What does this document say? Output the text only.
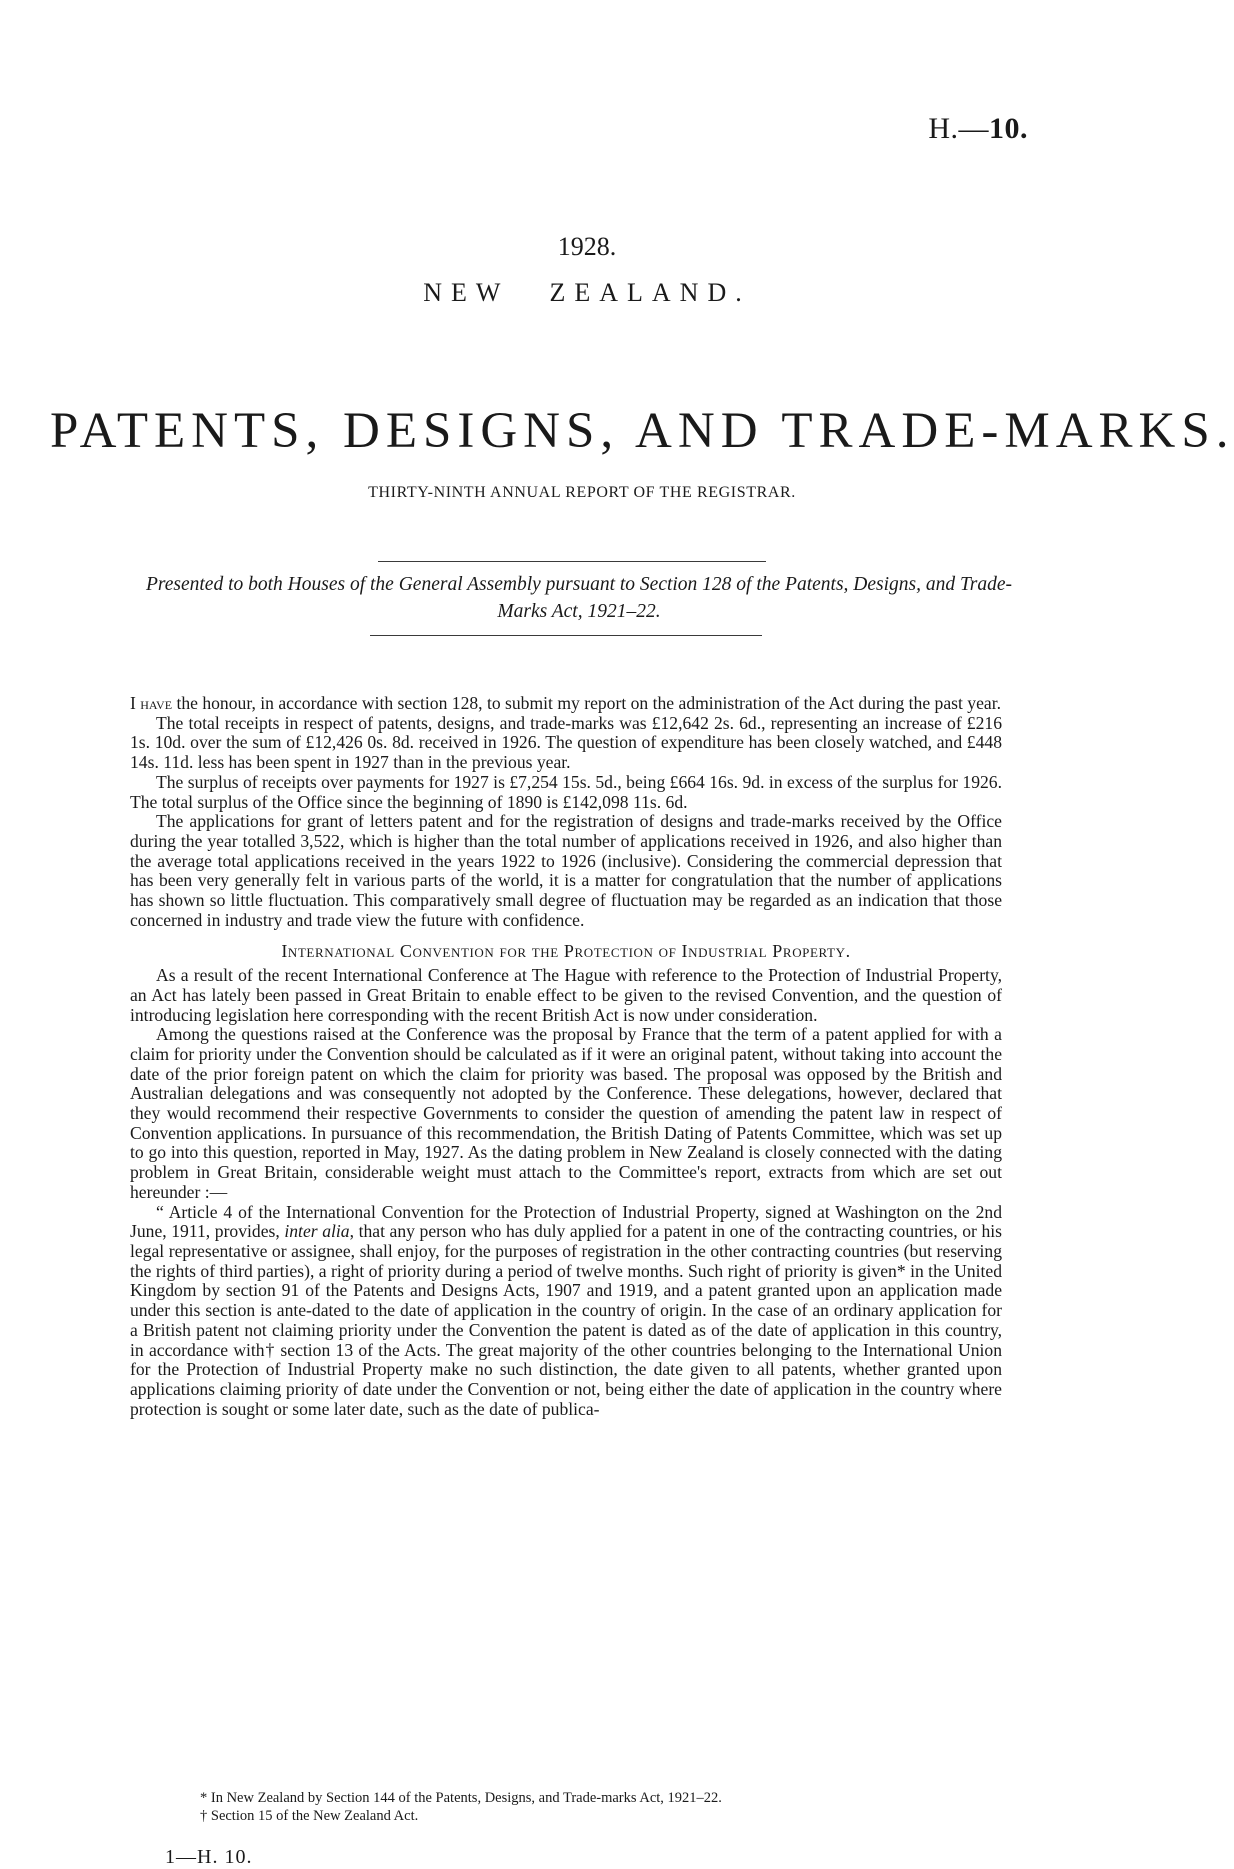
H.—10.
1928.
NEW ZEALAND.
PATENTS, DESIGNS, AND TRADE-MARKS.
THIRTY-NINTH ANNUAL REPORT OF THE REGISTRAR.
Presented to both Houses of the General Assembly pursuant to Section 128 of the Patents, Designs, and Trade-Marks Act, 1921–22.

I have the honour, in accordance with section 128, to submit my report on the administration of the Act during the past year.

The total receipts in respect of patents, designs, and trade-marks was £12,642 2s. 6d., representing an increase of £216 1s. 10d. over the sum of £12,426 0s. 8d. received in 1926. The question of expenditure has been closely watched, and £448 14s. 11d. less has been spent in 1927 than in the previous year.

The surplus of receipts over payments for 1927 is £7,254 15s. 5d., being £664 16s. 9d. in excess of the surplus for 1926. The total surplus of the Office since the beginning of 1890 is £142,098 11s. 6d.

The applications for grant of letters patent and for the registration of designs and trade-marks received by the Office during the year totalled 3,522, which is higher than the total number of applications received in 1926, and also higher than the average total applications received in the years 1922 to 1926 (inclusive). Considering the commercial depression that has been very generally felt in various parts of the world, it is a matter for congratulation that the number of applications has shown so little fluctuation. This comparatively small degree of fluctuation may be regarded as an indication that those concerned in industry and trade view the future with confidence.

International Convention for the Protection of Industrial Property.

As a result of the recent International Conference at The Hague with reference to the Protection of Industrial Property, an Act has lately been passed in Great Britain to enable effect to be given to the revised Convention, and the question of introducing legislation here corresponding with the recent British Act is now under consideration.

Among the questions raised at the Conference was the proposal by France that the term of a patent applied for with a claim for priority under the Convention should be calculated as if it were an original patent, without taking into account the date of the prior foreign patent on which the claim for priority was based. The proposal was opposed by the British and Australian delegations and was consequently not adopted by the Conference. These delegations, however, declared that they would recommend their respective Governments to consider the question of amending the patent law in respect of Convention applications. In pursuance of this recommendation, the British Dating of Patents Committee, which was set up to go into this question, reported in May, 1927. As the dating problem in New Zealand is closely connected with the dating problem in Great Britain, considerable weight must attach to the Committee's report, extracts from which are set out hereunder :—

“ Article 4 of the International Convention for the Protection of Industrial Property, signed at Washington on the 2nd June, 1911, provides, inter alia, that any person who has duly applied for a patent in one of the contracting countries, or his legal representative or assignee, shall enjoy, for the purposes of registration in the other contracting countries (but reserving the rights of third parties), a right of priority during a period of twelve months. Such right of priority is given* in the United Kingdom by section 91 of the Patents and Designs Acts, 1907 and 1919, and a patent granted upon an application made under this section is ante-dated to the date of application in the country of origin. In the case of an ordinary application for a British patent not claiming priority under the Convention the patent is dated as of the date of application in this country, in accordance with† section 13 of the Acts. The great majority of the other countries belonging to the International Union for the Protection of Industrial Property make no such distinction, the date given to all patents, whether granted upon applications claiming priority of date under the Convention or not, being either the date of application in the country where protection is sought or some later date, such as the date of publica-

* In New Zealand by Section 144 of the Patents, Designs, and Trade-marks Act, 1921–22.
† Section 15 of the New Zealand Act.
1—H. 10.
